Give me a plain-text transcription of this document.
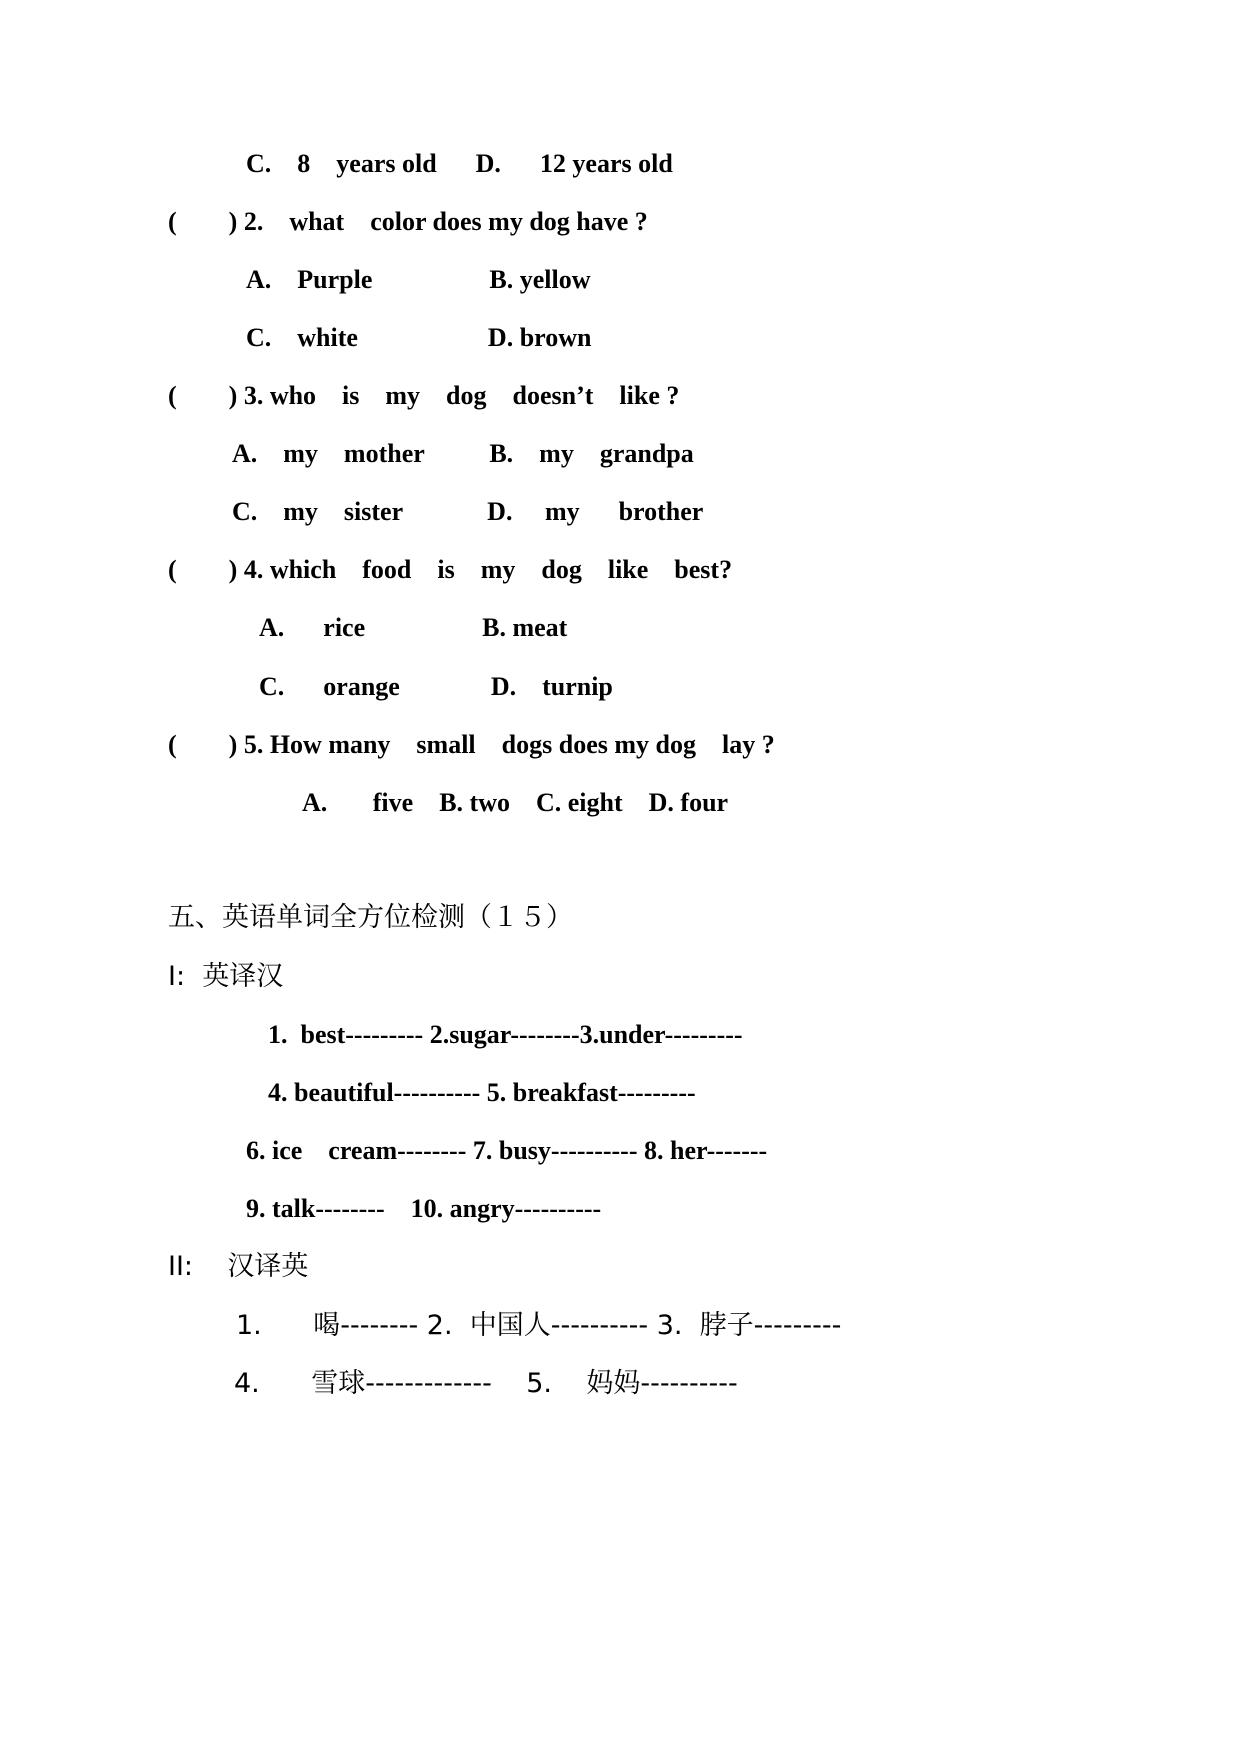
C.    8    years old      D.      12 years old
(        ) 2.    what    color does my dog have ?
A.    Purple                  B. yellow
C.    white                    D. brown
(        ) 3. who    is    my    dog    doesn’t    like ?
A.    my    mother          B.    my    grandpa
C.    my    sister             D.     my      brother
(        ) 4. which    food    is    my    dog    like    best?
A.      rice                  B. meat
C.      orange              D.    turnip
(        ) 5. How many    small    dogs does my dog    lay ?
A.       five    B. two    C. eight    D. four
五、英语单词全方位检测（１５）
I:  英译汉
1.  best--------- 2.sugar--------3.under---------
4. beautiful---------- 5. breakfast---------
6. ice    cream-------- 7. busy---------- 8. her-------
9. talk--------    10. angry----------
II:    汉译英
1.      喝-------- 2.  中国人---------- 3.  脖子---------
4.      雪球-------------    5.    妈妈----------
